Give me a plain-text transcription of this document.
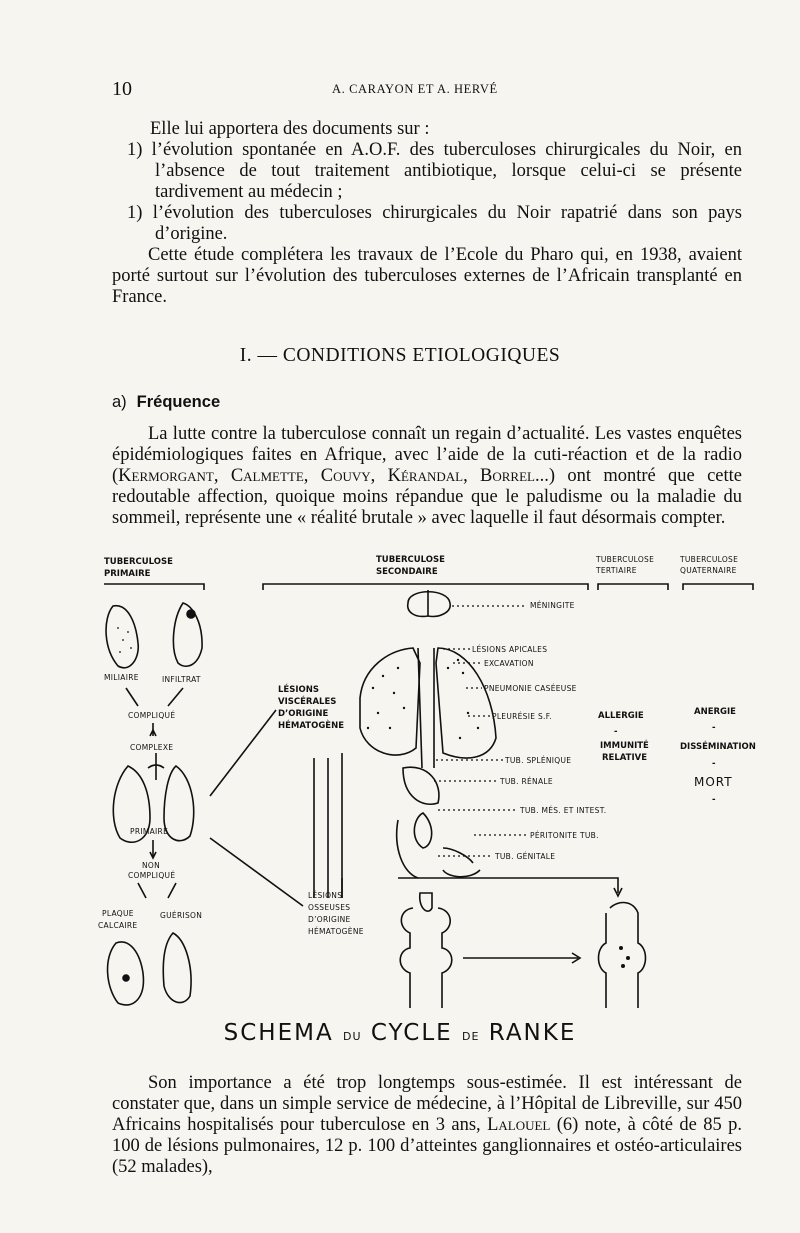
10	A. CARAYON ET A. HERVÉ

Elle lui apportera des documents sur :

1) l’évolution spontanée en A.O.F. des tuberculoses chirurgicales du Noir, en l’absence de tout traitement antibiotique, lorsque celui-ci se présente tardivement au médecin ;

1) l’évolution des tuberculoses chirurgicales du Noir rapatrié dans son pays d’origine.

Cette étude complétera les travaux de l’Ecole du Pharo qui, en 1938, avaient porté surtout sur l’évolution des tuberculoses externes de l’Africain transplanté en France.

I. — CONDITIONS ETIOLOGIQUES
a) Fréquence

La lutte contre la tuberculose connaît un regain d’actualité. Les vastes enquêtes épidémiologiques faites en Afrique, avec l’aide de la cuti-réaction et de la radio (Kermorgant, Calmette, Couvy, Kérandal, Borrel...) ont montré que cette redoutable affection, quoique moins répandue que le paludisme ou la maladie du sommeil, représente une « réalité brutale » avec laquelle il faut désormais compter.

TUBERCULOSE
PRIMAIRE
TUBERCULOSE
SECONDAIRE
TUBERCULOSE
TERTIAIRE
TUBERCULOSE
QUATERNAIRE
MILIAIRE	INFILTRAT
COMPLIQUÉ
COMPLEXE
PRIMAIRE
NON
COMPLIQUÉ
PLAQUE
CALCAIRE
GUÉRISON
LÉSIONS
VISCÉRALES
D’ORIGINE
HÉMATOGÈNE
LÉSIONS
OSSEUSES
D’ORIGINE
HÉMATOGÈNE
MÉNINGITE
LÉSIONS APICALES
EXCAVATION
PNEUMONIE CASÉEUSE
PLEURÉSIE S.F.
TUB. SPLÉNIQUE
TUB. RÉNALE
TUB. MÉS. ET INTEST.
PÉRITONITE TUB.
TUB. GÉNITALE
ALLERGIE
-
IMMUNITÉ
RELATIVE
ANERGIE
-
DISSÉMINATION
-
MORT
-
SCHEMA DU CYCLE DE RANKE

Son importance a été trop longtemps sous-estimée. Il est intéressant de constater que, dans un simple service de médecine, à l’Hôpital de Libreville, sur 450 Africains hospitalisés pour tuberculose en 3 ans, Lalouel (6) note, à côté de 85 p. 100 de lésions pulmonaires, 12 p. 100 d’atteintes ganglionnaires et ostéo-articulaires (52 malades),
